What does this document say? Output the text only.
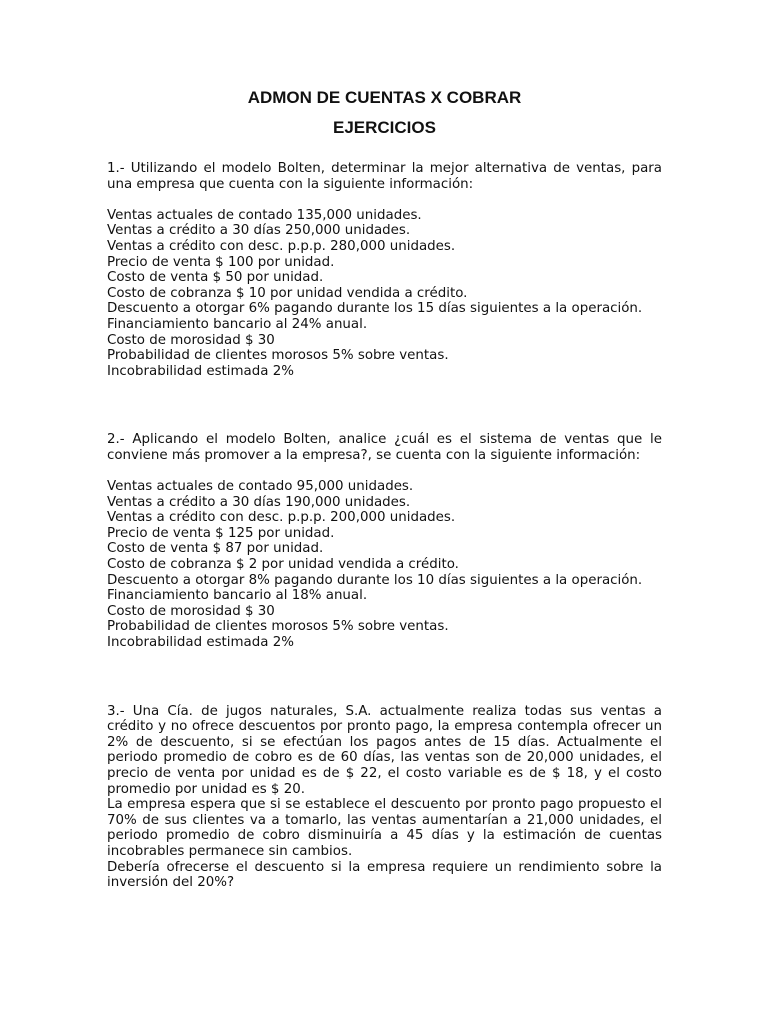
ADMON DE CUENTAS X COBRAR
EJERCICIOS

1.- Utilizando el modelo Bolten, determinar la mejor alternativa de ventas, para una empresa que cuenta con la siguiente información:

Ventas actuales de contado 135,000 unidades.
Ventas a crédito a 30 días 250,000 unidades.
Ventas a crédito con desc. p.p.p. 280,000 unidades.
Precio de venta $ 100 por unidad.
Costo de venta $ 50 por unidad.
Costo de cobranza $ 10 por unidad vendida a crédito.
Descuento a otorgar 6% pagando durante los 15 días siguientes a la operación.
Financiamiento bancario al 24% anual.
Costo de morosidad $ 30
Probabilidad de clientes morosos 5% sobre ventas.
Incobrabilidad estimada 2%

2.- Aplicando el modelo Bolten, analice ¿cuál es el sistema de ventas que le conviene más promover a la empresa?, se cuenta con la siguiente información:

Ventas actuales de contado 95,000 unidades.
Ventas a crédito a 30 días 190,000 unidades.
Ventas a crédito con desc. p.p.p. 200,000 unidades.
Precio de venta $ 125 por unidad.
Costo de venta $ 87 por unidad.
Costo de cobranza $ 2 por unidad vendida a crédito.
Descuento a otorgar 8% pagando durante los 10 días siguientes a la operación.
Financiamiento bancario al 18% anual.
Costo de morosidad $ 30
Probabilidad de clientes morosos 5% sobre ventas.
Incobrabilidad estimada 2%

3.- Una Cía. de jugos naturales, S.A. actualmente realiza todas sus ventas a crédito y no ofrece descuentos por pronto pago, la empresa contempla ofrecer un 2% de descuento, si se efectúan los pagos antes de 15 días. Actualmente el periodo promedio de cobro es de 60 días, las ventas son de 20,000 unidades, el precio de venta por unidad es de $ 22, el costo variable es de $ 18, y el costo promedio por unidad es $ 20.

La empresa espera que si se establece el descuento por pronto pago propuesto el 70% de sus clientes va a tomarlo, las ventas aumentarían a 21,000 unidades, el periodo promedio de cobro disminuiría a 45 días y la estimación de cuentas incobrables permanece sin cambios.

Debería ofrecerse el descuento si la empresa requiere un rendimiento sobre la inversión del 20%?
